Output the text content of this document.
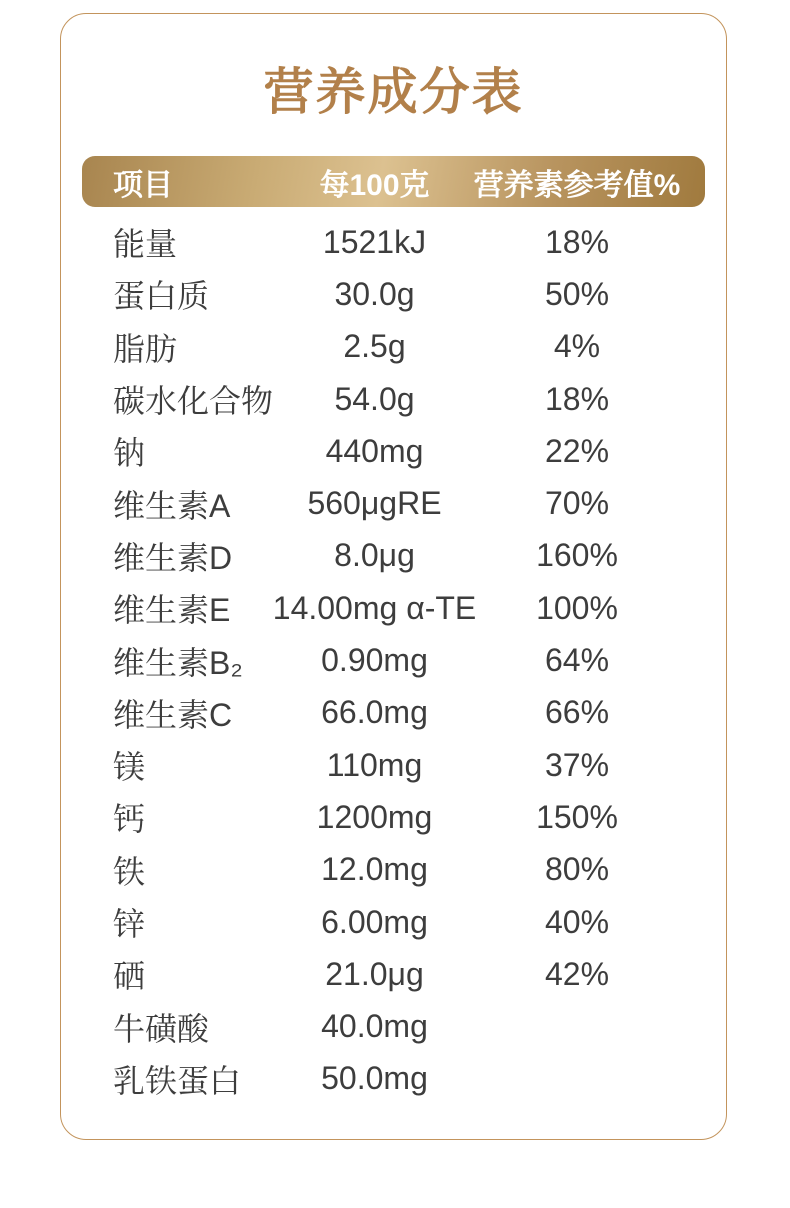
营养成分表
项目	每100克	营养素参考值%
能量	1521kJ	18%
蛋白质	30.0g	50%
脂肪	2.5g	4%
碳水化合物	54.0g	18%
钠	440mg	22%
维生素A	560μgRE	70%
维生素D	8.0μg	160%
维生素E	14.00mg α-TE	100%
维生素B₂	0.90mg	64%
维生素C	66.0mg	66%
镁	110mg	37%
钙	1200mg	150%
铁	12.0mg	80%
锌	6.00mg	40%
硒	21.0μg	42%
牛磺酸	40.0mg
乳铁蛋白	50.0mg
